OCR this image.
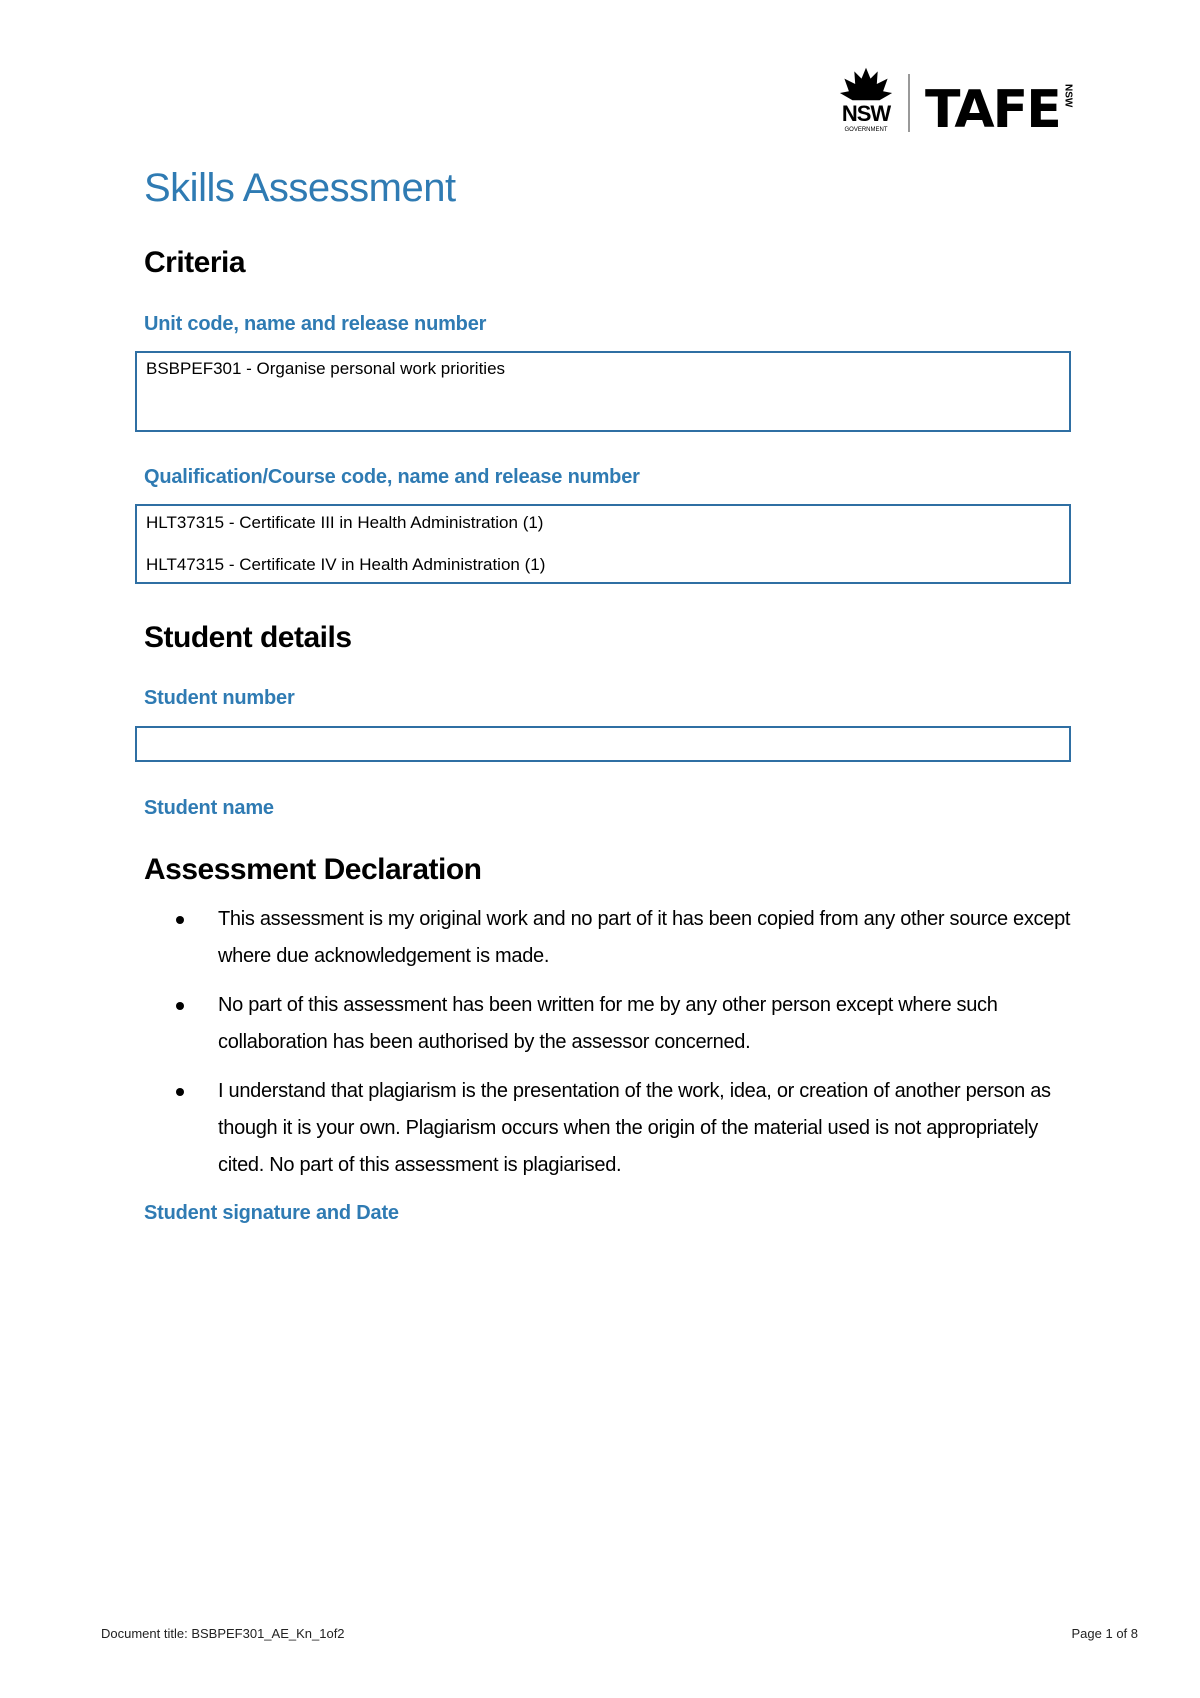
NSW
GOVERNMENT TAFE NSW
Skills Assessment
Criteria
Unit code, name and release number
BSBPEF301 - Organise personal work priorities
Qualification/Course code, name and release number
HLT37315 - Certificate III in Health Administration (1)
HLT47315 - Certificate IV in Health Administration (1)
Student details
Student number
Student name
Assessment Declaration
This assessment is my original work and no part of it has been copied from any other source except where due acknowledgement is made.
No part of this assessment has been written for me by any other person except where such collaboration has been authorised by the assessor concerned.
I understand that plagiarism is the presentation of the work, idea, or creation of another person as though it is your own. Plagiarism occurs when the origin of the material used is not appropriately cited. No part of this assessment is plagiarised.
Student signature and Date
Document title: BSBPEF301_AE_Kn_1of2	Page 1 of 8
